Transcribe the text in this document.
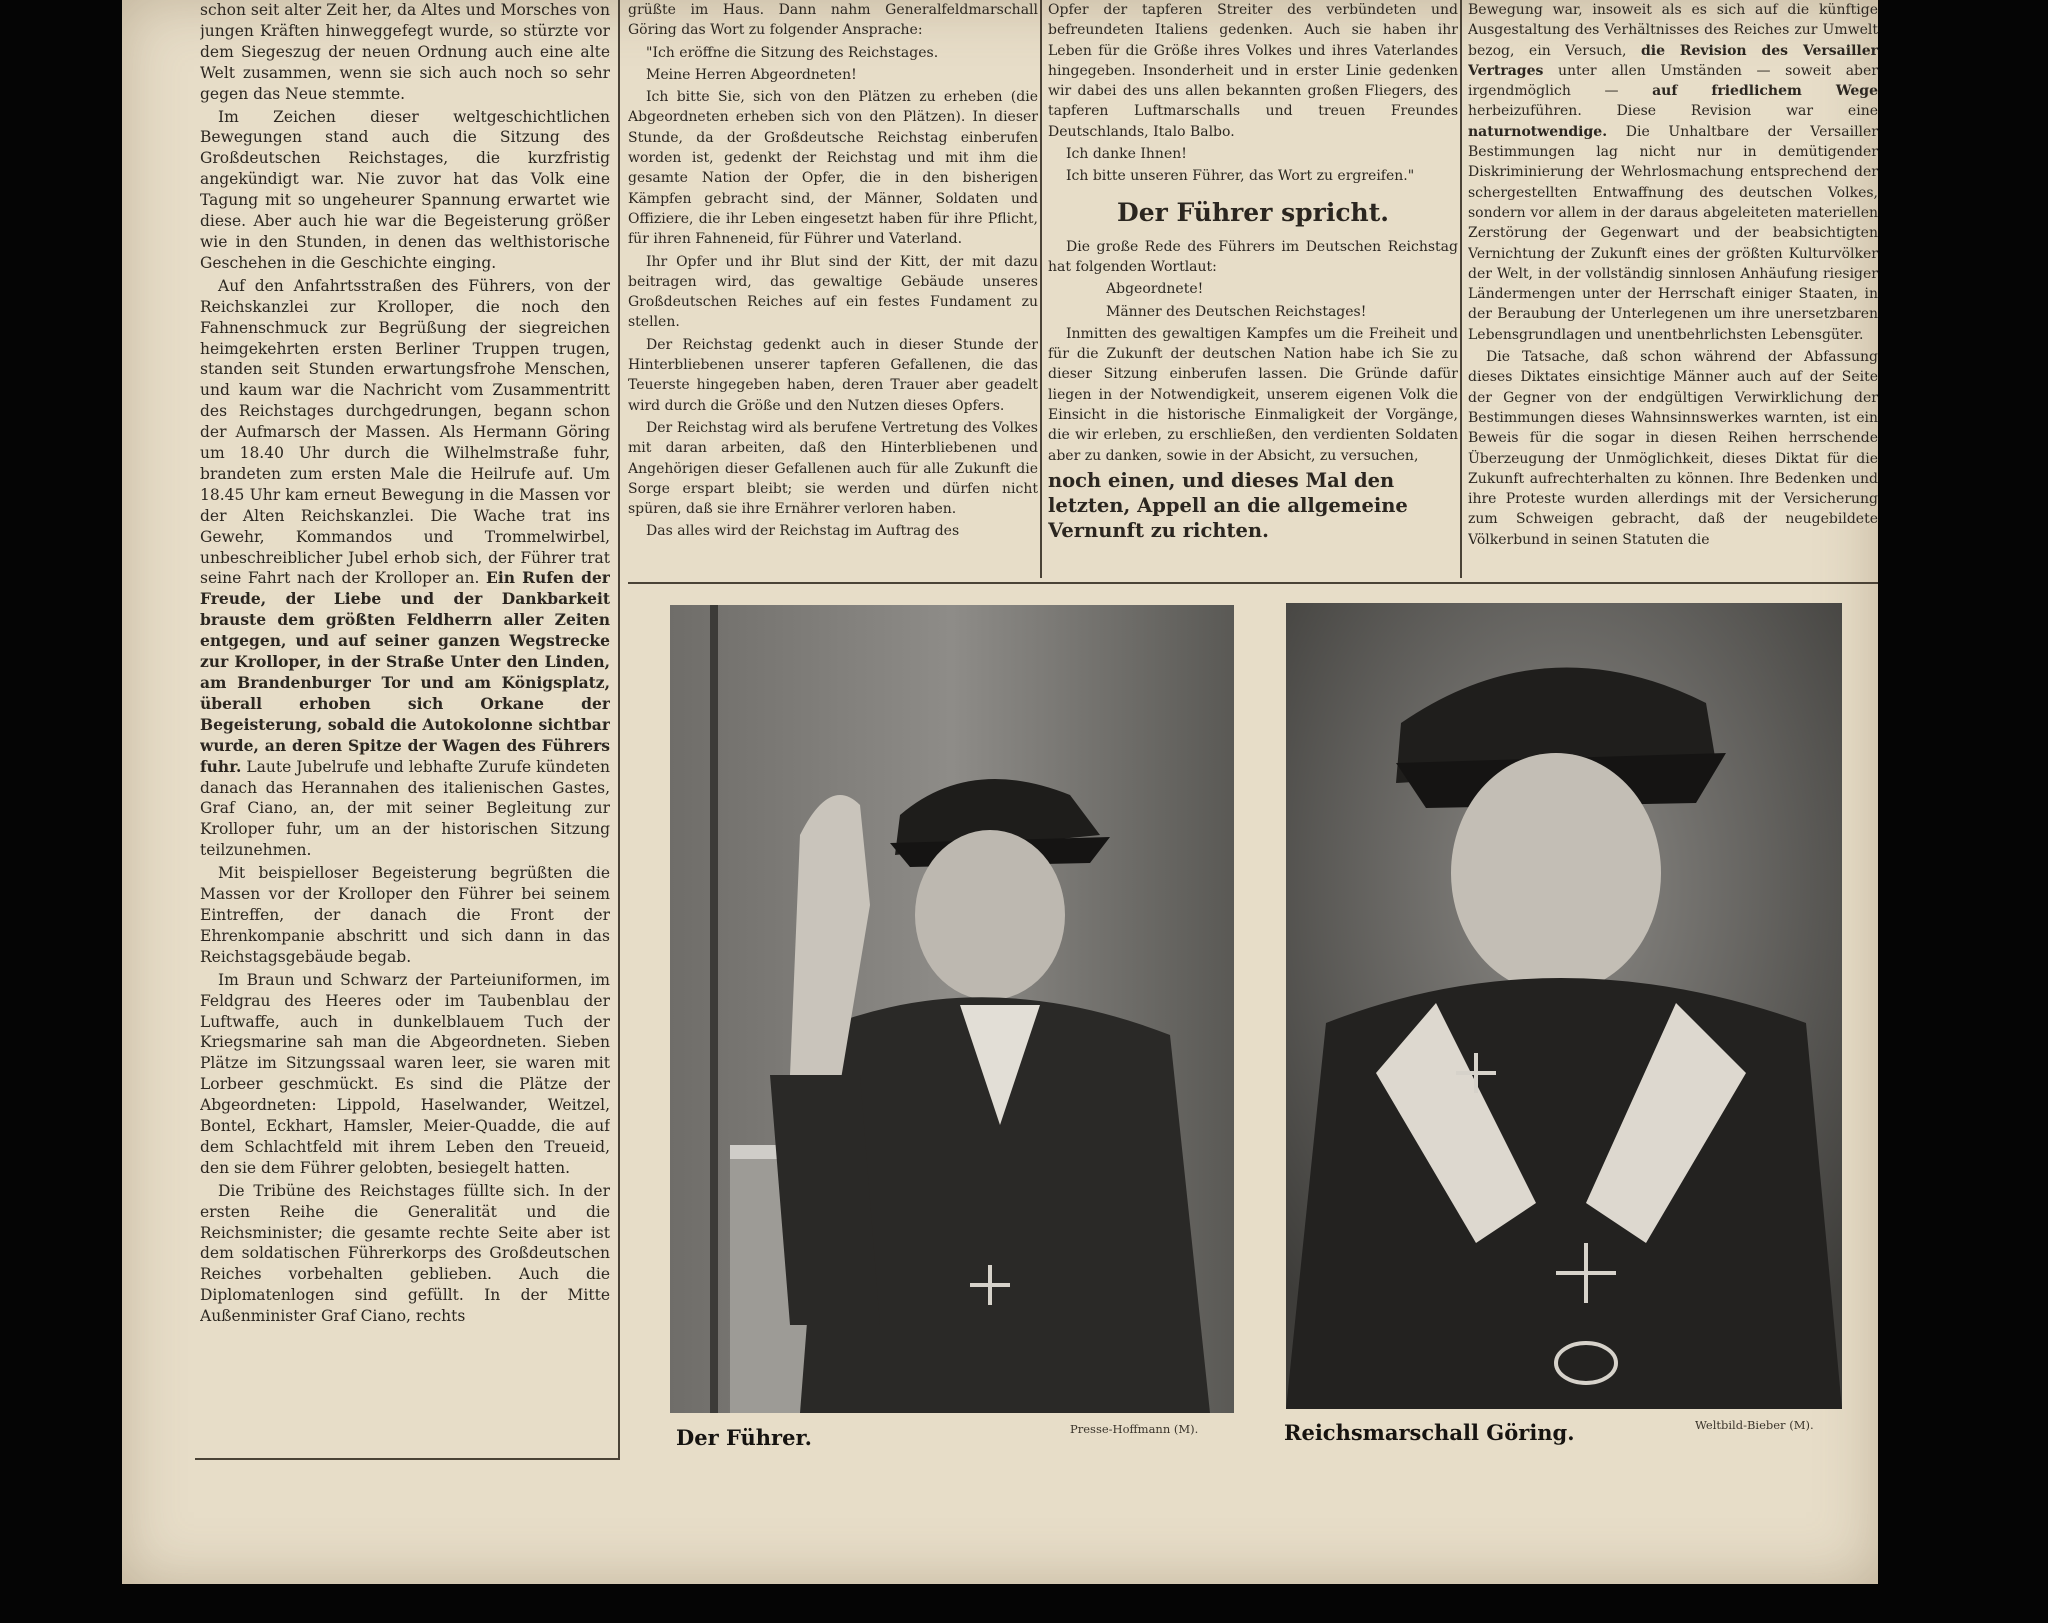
schon seit alter Zeit her, da Altes und Morsches von jungen Kräften hinweggefegt wurde, so stürzte vor dem Siegeszug der neuen Ordnung auch eine alte Welt zusammen, wenn sie sich auch noch so sehr gegen das Neue stemmte.

Im Zeichen dieser weltgeschichtlichen Bewegungen stand auch die Sitzung des Großdeutschen Reichstages, die kurzfristig angekündigt war. Nie zuvor hat das Volk eine Tagung mit so ungeheurer Spannung erwartet wie diese. Aber auch hie war die Begeisterung größer wie in den Stunden, in denen das welthistorische Geschehen in die Geschichte einging.

Auf den Anfahrtsstraßen des Führers, von der Reichskanzlei zur Krolloper, die noch den Fahnenschmuck zur Begrüßung der siegreichen heimgekehrten ersten Berliner Truppen trugen, standen seit Stunden erwartungsfrohe Menschen, und kaum war die Nachricht vom Zusammentritt des Reichstages durchgedrungen, begann schon der Aufmarsch der Massen. Als Hermann Göring um 18.40 Uhr durch die Wilhelmstraße fuhr, brandeten zum ersten Male die Heilrufe auf. Um 18.45 Uhr kam erneut Bewegung in die Massen vor der Alten Reichskanzlei. Die Wache trat ins Gewehr, Kommandos und Trommelwirbel, unbeschreiblicher Jubel erhob sich, der Führer trat seine Fahrt nach der Krolloper an. Ein Rufen der Freude, der Liebe und der Dankbarkeit brauste dem größten Feldherrn aller Zeiten entgegen, und auf seiner ganzen Wegstrecke zur Krolloper, in der Straße Unter den Linden, am Brandenburger Tor und am Königsplatz, überall erhoben sich Orkane der Begeisterung, sobald die Autokolonne sichtbar wurde, an deren Spitze der Wagen des Führers fuhr. Laute Jubelrufe und lebhafte Zurufe kündeten danach das Herannahen des italienischen Gastes, Graf Ciano, an, der mit seiner Begleitung zur Krolloper fuhr, um an der historischen Sitzung teilzunehmen.

Mit beispielloser Begeisterung begrüßten die Massen vor der Krolloper den Führer bei seinem Eintreffen, der danach die Front der Ehrenkompanie abschritt und sich dann in das Reichstagsgebäude begab.

Im Braun und Schwarz der Parteiuniformen, im Feldgrau des Heeres oder im Taubenblau der Luftwaffe, auch in dunkelblauem Tuch der Kriegsmarine sah man die Abgeordneten. Sieben Plätze im Sitzungssaal waren leer, sie waren mit Lorbeer geschmückt. Es sind die Plätze der Abgeordneten: Lippold, Haselwander, Weitzel, Bontel, Eckhart, Hamsler, Meier-Quadde, die auf dem Schlachtfeld mit ihrem Leben den Treueid, den sie dem Führer gelobten, besiegelt hatten.

Die Tribüne des Reichstages füllte sich. In der ersten Reihe die Generalität und die Reichsminister; die gesamte rechte Seite aber ist dem soldatischen Führerkorps des Großdeutschen Reiches vorbehalten geblieben. Auch die Diplomatenlogen sind gefüllt. In der Mitte Außenminister Graf Ciano, rechts

grüßte im Haus. Dann nahm Generalfeldmarschall Göring das Wort zu folgender Ansprache:

"Ich eröffne die Sitzung des Reichstages.

Meine Herren Abgeordneten!

Ich bitte Sie, sich von den Plätzen zu erheben (die Abgeordneten erheben sich von den Plätzen). In dieser Stunde, da der Großdeutsche Reichstag einberufen worden ist, gedenkt der Reichstag und mit ihm die gesamte Nation der Opfer, die in den bisherigen Kämpfen gebracht sind, der Männer, Soldaten und Offiziere, die ihr Leben eingesetzt haben für ihre Pflicht, für ihren Fahneneid, für Führer und Vaterland.

Ihr Opfer und ihr Blut sind der Kitt, der mit dazu beitragen wird, das gewaltige Gebäude unseres Großdeutschen Reiches auf ein festes Fundament zu stellen.

Der Reichstag gedenkt auch in dieser Stunde der Hinterbliebenen unserer tapferen Gefallenen, die das Teuerste hingegeben haben, deren Trauer aber geadelt wird durch die Größe und den Nutzen dieses Opfers.

Der Reichstag wird als berufene Vertretung des Volkes mit daran arbeiten, daß den Hinterbliebenen und Angehörigen dieser Gefallenen auch für alle Zukunft die Sorge erspart bleibt; sie werden und dürfen nicht spüren, daß sie ihre Ernährer verloren haben.

Das alles wird der Reichstag im Auftrag des

Opfer der tapferen Streiter des verbündeten und befreundeten Italiens gedenken. Auch sie haben ihr Leben für die Größe ihres Volkes und ihres Vaterlandes hingegeben. Insonderheit und in erster Linie gedenken wir dabei des uns allen bekannten großen Fliegers, des tapferen Luftmarschalls und treuen Freundes Deutschlands, Italo Balbo.

Ich danke Ihnen!

Ich bitte unseren Führer, das Wort zu ergreifen."

Der Führer spricht.

Die große Rede des Führers im Deutschen Reichstag hat folgenden Wortlaut:

Abgeordnete!

Männer des Deutschen Reichstages!

Inmitten des gewaltigen Kampfes um die Freiheit und für die Zukunft der deutschen Nation habe ich Sie zu dieser Sitzung einberufen lassen. Die Gründe dafür liegen in der Notwendigkeit, unserem eigenen Volk die Einsicht in die historische Einmaligkeit der Vorgänge, die wir erleben, zu erschließen, den verdienten Soldaten aber zu danken, sowie in der Absicht, zu versuchen,

noch einen, und dieses Mal den letzten, Appell an die allgemeine Vernunft zu richten.

Bewegung war, insoweit als es sich auf die künftige Ausgestaltung des Verhältnisses des Reiches zur Umwelt bezog, ein Versuch, die Revision des Versailler Vertrages unter allen Umständen — soweit aber irgendmöglich — auf friedlichem Wege herbeizuführen. Diese Revision war eine naturnotwendige. Die Unhaltbare der Versailler Bestimmungen lag nicht nur in demütigender Diskriminierung der Wehrlosmachung entsprechend der schergestellten Entwaffnung des deutschen Volkes, sondern vor allem in der daraus abgeleiteten materiellen Zerstörung der Gegenwart und der beabsichtigten Vernichtung der Zukunft eines der größten Kulturvölker der Welt, in der vollständig sinnlosen Anhäufung riesiger Ländermengen unter der Herrschaft einiger Staaten, in der Beraubung der Unterlegenen um ihre unersetzbaren Lebensgrundlagen und unentbehrlichsten Lebensgüter.

Die Tatsache, daß schon während der Abfassung dieses Diktates einsichtige Männer auch auf der Seite der Gegner von der endgültigen Verwirklichung der Bestimmungen dieses Wahnsinnswerkes warnten, ist ein Beweis für die sogar in diesen Reihen herrschende Überzeugung der Unmöglichkeit, dieses Diktat für die Zukunft aufrechterhalten zu können. Ihre Bedenken und ihre Proteste wurden allerdings mit der Versicherung zum Schweigen gebracht, daß der neugebildete Völkerbund in seinen Statuten die

Der Führer.	Presse-Hoffmann (M).	Reichsmarschall Göring.	Weltbild-Bieber (M).
